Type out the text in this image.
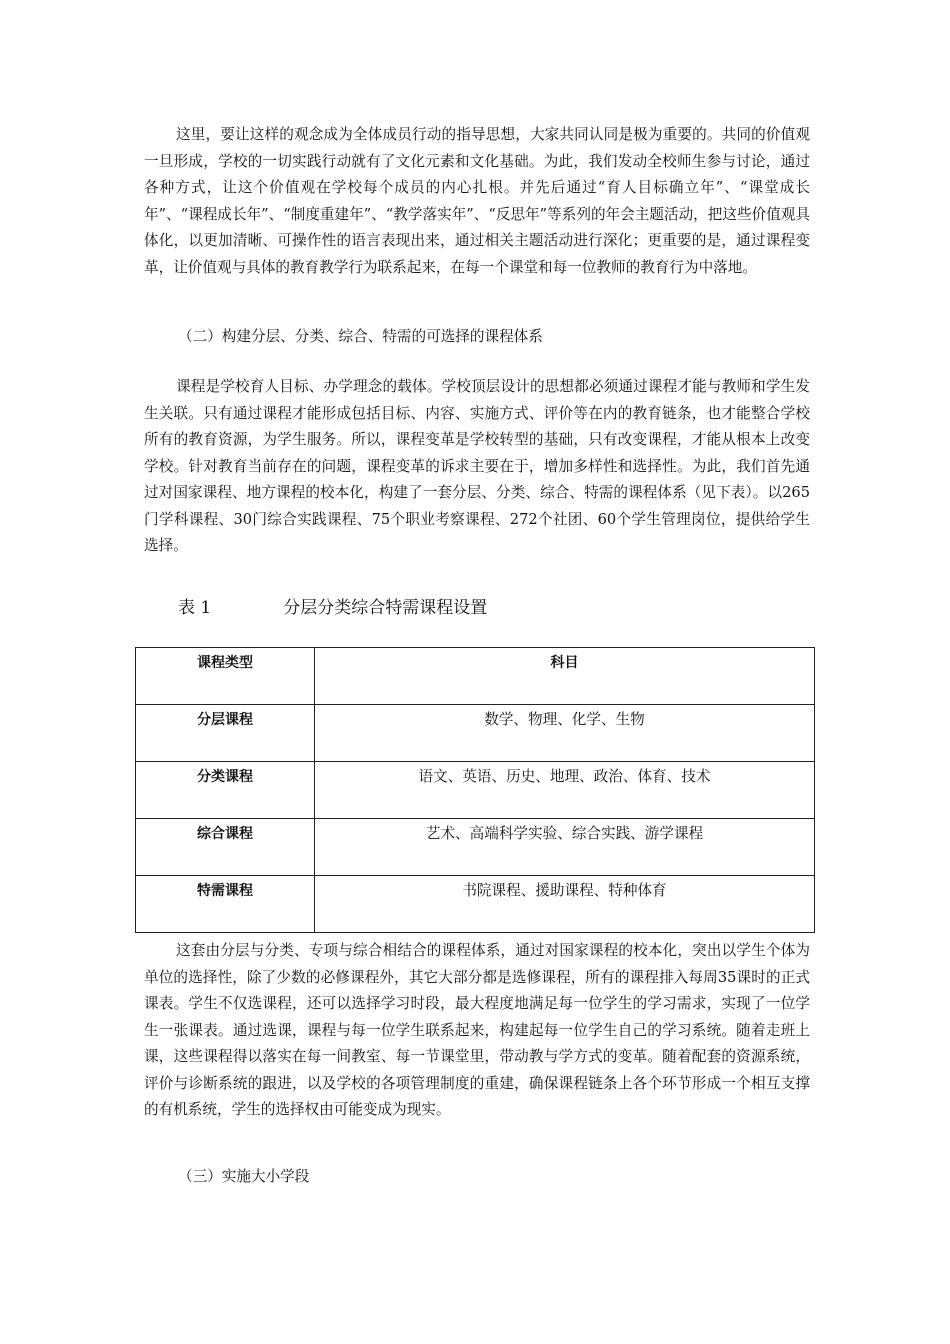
这里，要让这样的观念成为全体成员行动的指导思想，大家共同认同是极为重要的。共同的价值观一旦形成，学校的一切实践行动就有了文化元素和文化基础。为此，我们发动全校师生参与讨论，通过各种方式，让这个价值观在学校每个成员的内心扎根。并先后通过“育人目标确立年”、“课堂成长年”、“课程成长年”、“制度重建年”、“教学落实年”、“反思年”等系列的年会主题活动，把这些价值观具体化，以更加清晰、可操作性的语言表现出来，通过相关主题活动进行深化；更重要的是，通过课程变革，让价值观与具体的教育教学行为联系起来，在每一个课堂和每一位教师的教育行为中落地。

（二）构建分层、分类、综合、特需的可选择的课程体系

课程是学校育人目标、办学理念的载体。学校顶层设计的思想都必须通过课程才能与教师和学生发生关联。只有通过课程才能形成包括目标、内容、实施方式、评价等在内的教育链条，也才能整合学校所有的教育资源，为学生服务。所以，课程变革是学校转型的基础，只有改变课程，才能从根本上改变学校。针对教育当前存在的问题，课程变革的诉求主要在于，增加多样性和选择性。为此，我们首先通过对国家课程、地方课程的校本化，构建了一套分层、分类、综合、特需的课程体系（见下表）。以265门学科课程、30门综合实践课程、75个职业考察课程、272个社团、60个学生管理岗位，提供给学生选择。

表 1	分层分类综合特需课程设置
课程类型	科目
分层课程	数学、物理、化学、生物
分类课程	语文、英语、历史、地理、政治、体育、技术
综合课程	艺术、高端科学实验、综合实践、游学课程
特需课程	书院课程、援助课程、特种体育

这套由分层与分类、专项与综合相结合的课程体系，通过对国家课程的校本化，突出以学生个体为单位的选择性，除了少数的必修课程外，其它大部分都是选修课程，所有的课程排入每周35课时的正式课表。学生不仅选课程，还可以选择学习时段，最大程度地满足每一位学生的学习需求，实现了一位学生一张课表。通过选课，课程与每一位学生联系起来，构建起每一位学生自己的学习系统。随着走班上课，这些课程得以落实在每一间教室、每一节课堂里，带动教与学方式的变革。随着配套的资源系统，评价与诊断系统的跟进，以及学校的各项管理制度的重建，确保课程链条上各个环节形成一个相互支撑的有机系统，学生的选择权由可能变成为现实。

（三）实施大小学段
